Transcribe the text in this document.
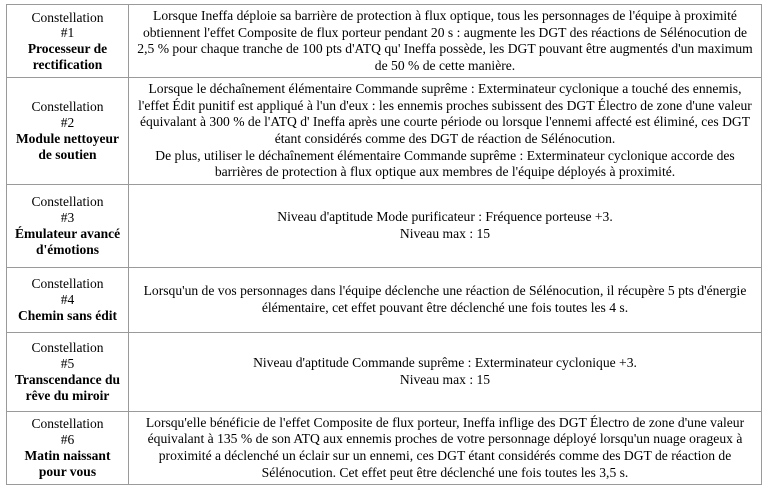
Constellation
#1
Processeur de rectification

Lorsque Ineffa déploie sa barrière de protection à flux optique, tous les personnages de l'équipe à proximité obtiennent l'effet Composite de flux porteur pendant 20 s : augmente les DGT des réactions de Sélénocution de 2,5 % pour chaque tranche de 100 pts d'ATQ qu' Ineffa possède, les DGT pouvant être augmentés d'un maximum de 50 % de cette manière.

Constellation
#2
Module nettoyeur de soutien

Lorsque le déchaînement élémentaire Commande suprême : Exterminateur cyclonique a touché des ennemis, l'effet Édit punitif est appliqué à l'un d'eux : les ennemis proches subissent des DGT Électro de zone d'une valeur équivalant à 300 % de l'ATQ d' Ineffa après une courte période ou lorsque l'ennemi affecté est éliminé, ces DGT étant considérés comme des DGT de réaction de Sélénocution.
De plus, utiliser le déchaînement élémentaire Commande suprême : Exterminateur cyclonique accorde des barrières de protection à flux optique aux membres de l'équipe déployés à proximité.

Constellation
#3
Émulateur avancé d'émotions	Niveau d'aptitude Mode purificateur : Fréquence porteuse +3.
Niveau max : 15

Constellation
#4
Chemin sans édit	Lorsqu'un de vos personnages dans l'équipe déclenche une réaction de Sélénocution, il récupère 5 pts d'énergie élémentaire, cet effet pouvant être déclenché une fois toutes les 4 s.

Constellation
#5
Transcendance du rêve du miroir	Niveau d'aptitude Commande suprême : Exterminateur cyclonique +3.
Niveau max : 15

Constellation
#6
Matin naissant pour vous

Lorsqu'elle bénéficie de l'effet Composite de flux porteur, Ineffa inflige des DGT Électro de zone d'une valeur équivalant à 135 % de son ATQ aux ennemis proches de votre personnage déployé lorsqu'un nuage orageux à proximité a déclenché un éclair sur un ennemi, ces DGT étant considérés comme des DGT de réaction de Sélénocution. Cet effet peut être déclenché une fois toutes les 3,5 s.
